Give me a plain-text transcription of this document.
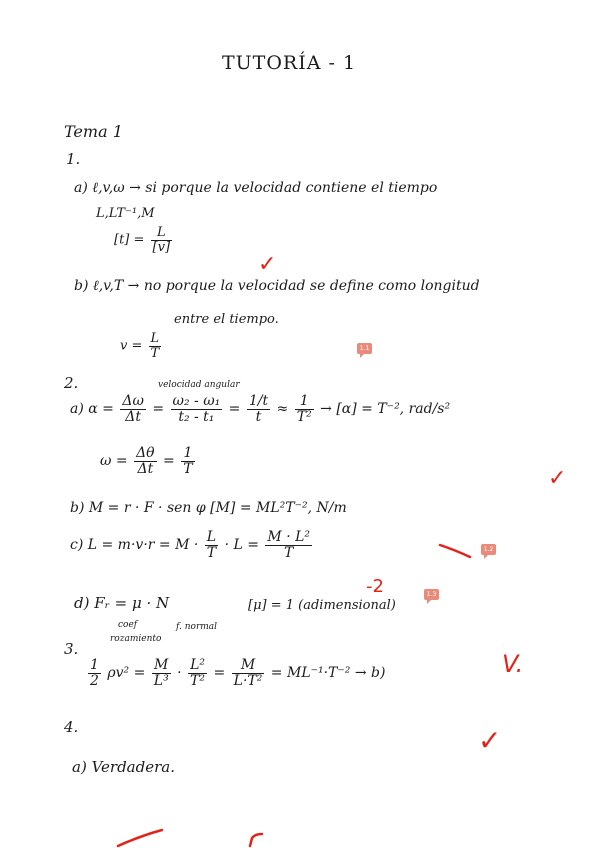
TUTORÍA - 1
Tema 1
1.
a) ℓ,v,ω → si porque la velocidad contiene el tiempo
L,LT⁻¹,M
$[t] = \frac{L}{[v]}$
b) ℓ,v,T → no porque la velocidad se define como longitud
entre el tiempo.
$v = \frac{L}{T}$
2.	velocidad angular
a) $\alpha = \frac{\Delta\omega}{\Delta t} = \frac{\text{ω₂ - ω₁}}{\text{t₂ - t₁}} = \frac{1/t}{t} \approx \frac{1}{\text{T²}} \to [\alpha] = T^{-2}$, rad/s²
$\omega = \frac{\Delta\theta}{\Delta t} = \frac{1}{T}$
b) M = r · F · sen φ [M] = ML²T⁻², N/m
c) $L = m\cdot v\cdot r = M \cdot \frac{L}{T} \cdot L = \frac{\text{M · L²}}{T}$
d) Fᵣ = μ · N	[μ] = 1 (adimensional)
coef
rozamiento
f. normal
3.
$\frac{1}{2} \rho v^2 = \frac{M}{\text{L³}} \cdot \frac{\text{L²}}{\text{T²}} = \frac{M}{\text{L·T²}} = ML^{-1}\cdot T^{-2} \to b$)
4.
a) Verdadera.
1.1
1.2
1.3
✓
✓
V.
✓
-2
